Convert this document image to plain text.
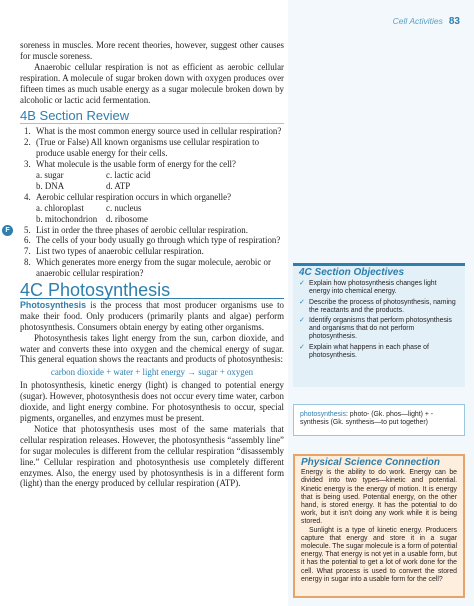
Cell Activities 83

soreness in muscles. More recent theories, however, suggest other causes for muscle soreness.

Anaerobic cellular respiration is not as efficient as aerobic cellular respiration. A molecule of sugar broken down with oxygen produces over fifteen times as much usable energy as a sugar molecule broken down by alcoholic or lactic acid fermentation.

4B Section Review
1. What is the most common energy source used in cellular respiration?
2. (True or False) All known organisms use cellular respiration to produce usable energy for their cells.
3. What molecule is the usable form of energy for the cell?
a. sugar	c. lactic acid
b. DNA	d. ATP
4. Aerobic cellular respiration occurs in which organelle?
a. chloroplast	c. nucleus
b. mitochondrion d. ribosome
F	5. List in order the three phases of aerobic cellular respiration.
6. The cells of your body usually go through which type of respiration?
7. List two types of anaerobic cellular respiration.
8. Which generates more energy from the sugar molecule, aerobic or anaerobic cellular respiration?
4C Photosynthesis

Photosynthesis is the process that most producer organisms use to make their food. Only producers (primarily plants and algae) perform photosynthesis. Consumers obtain energy by eating other organisms.

Photosynthesis takes light energy from the sun, carbon dioxide, and water and converts these into oxygen and the chemical energy of sugar. This general equation shows the reactants and products of photosynthesis:

carbon dioxide + water + light energy → sugar + oxygen

In photosynthesis, kinetic energy (light) is changed to potential energy (sugar). However, photosynthesis does not occur every time water, carbon dioxide, and light energy combine. For photosynthesis to occur, special pigments, organelles, and enzymes must be present.

Notice that photosynthesis uses most of the same materials that cellular respiration releases. However, the photosynthesis “assembly line” for sugar molecules is different from the cellular respiration “disassembly line.” Cellular respiration and photosynthesis use completely different enzymes. Also, the energy used by photosynthesis is in a different form (light) than the energy produced by cellular respiration (ATP).

4C Section Objectives
✓ Explain how photosynthesis changes light energy into chemical energy.
✓ Describe the process of photosynthesis, naming the reactants and the products.
✓ Identify organisms that perform photosynthesis and organisms that do not perform photosynthesis.
✓ Explain what happens in each phase of photosynthesis.
photosynthesis: photo- (Gk. phos—light) + -synthesis (Gk. synthesis—to put together)
Physical Science Connection

Energy is the ability to do work. Energy can be divided into two types—kinetic and potential. Kinetic energy is the energy of motion. It is energy that is being used. Potential energy, on the other hand, is stored energy. It has the potential to do work, but it isn’t doing any work while it is being stored.

Sunlight is a type of kinetic energy. Producers capture that energy and store it in a sugar molecule. The sugar molecule is a form of potential energy. That energy is not yet in a usable form, but it has the potential to get a lot of work done for the cell. What process is used to convert the stored energy in sugar into a usable form for the cell?
